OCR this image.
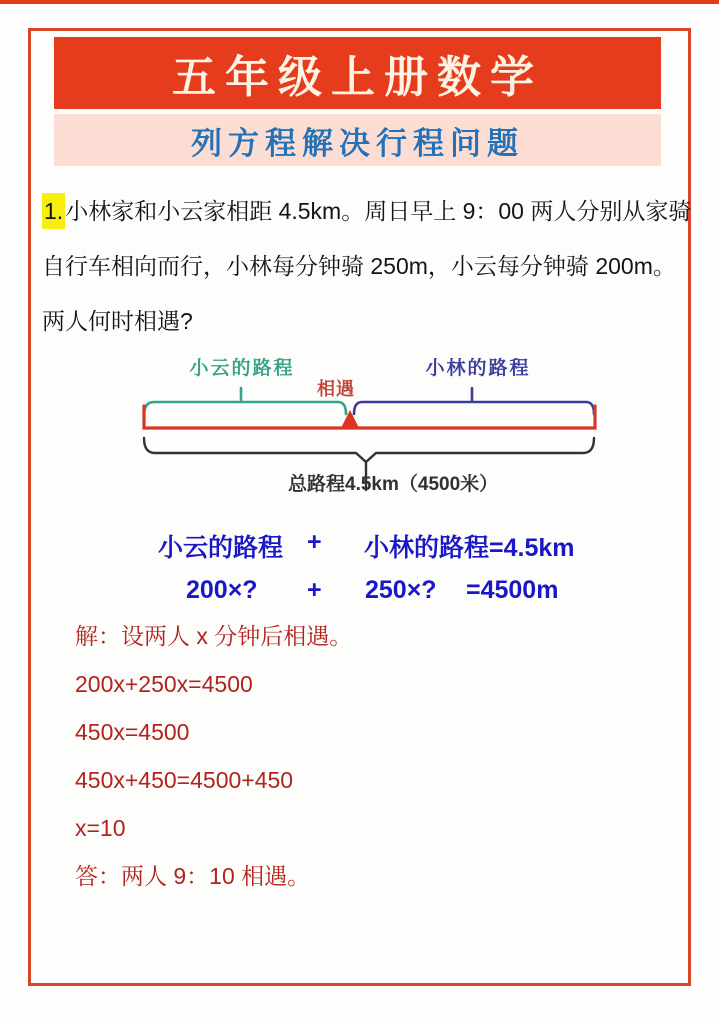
五年级上册数学
列方程解决行程问题
1.小林家和小云家相距 4.5km。周日早上 9：00 两人分别从家骑
自行车相向而行，小林每分钟骑 250m，小云每分钟骑 200m。
两人何时相遇?
小云的路程
相遇
小林的路程
总路程4.5km（4500米）
小云的路程 + 小林的路程=4.5km
200×? + 250×? =4500m
解：设两人 x 分钟后相遇。
200x+250x=4500
450x=4500
450x+450=4500+450
x=10
答：两人 9：10 相遇。
